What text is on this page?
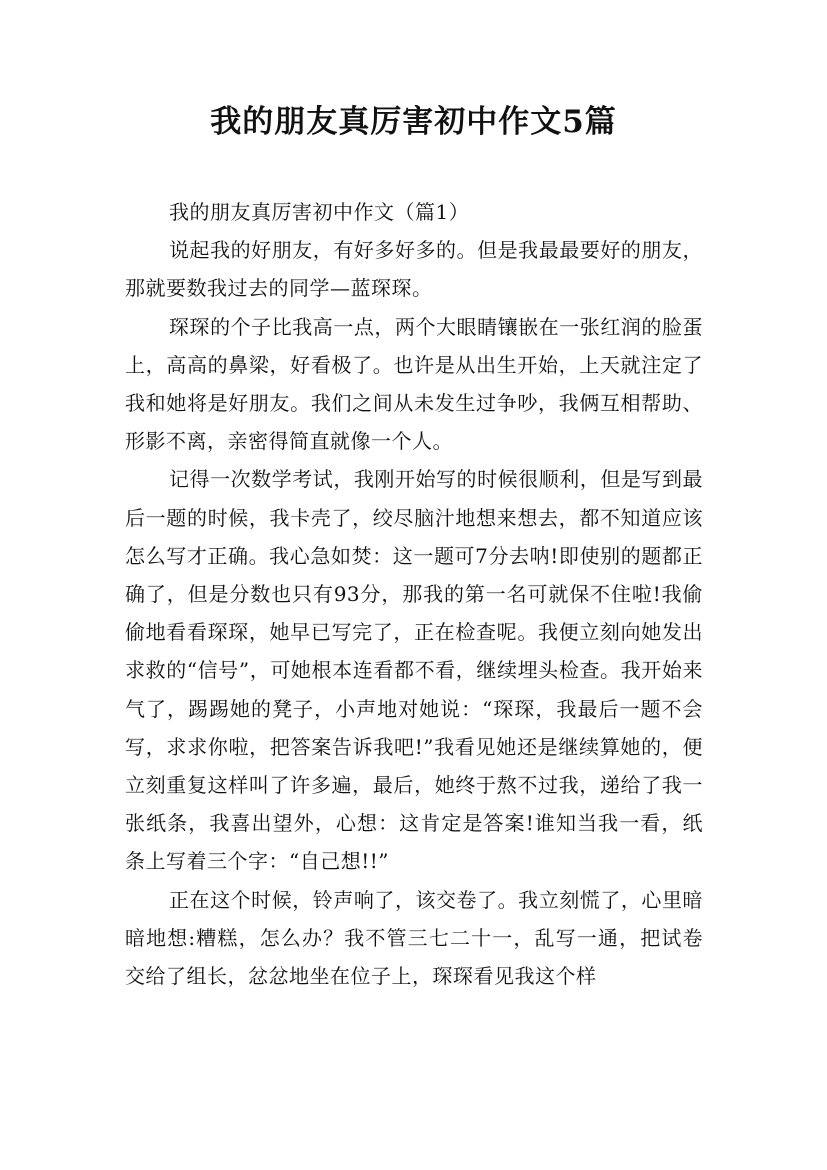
我的朋友真厉害初中作文5篇

我的朋友真厉害初中作文（篇1）

说起我的好朋友，有好多好多的。但是我最最要好的朋友，那就要数我过去的同学—蓝琛琛。

琛琛的个子比我高一点，两个大眼睛镶嵌在一张红润的脸蛋上，高高的鼻梁，好看极了。也许是从出生开始，上天就注定了我和她将是好朋友。我们之间从未发生过争吵，我俩互相帮助、形影不离，亲密得简直就像一个人。

记得一次数学考试，我刚开始写的时候很顺利，但是写到最后一题的时候，我卡壳了，绞尽脑汁地想来想去，都不知道应该怎么写才正确。我心急如焚：这一题可7分去呐!即使别的题都正确了，但是分数也只有93分，那我的第一名可就保不住啦!我偷偷地看看琛琛，她早已写完了，正在检查呢。我便立刻向她发出求救的“信号”，可她根本连看都不看，继续埋头检查。我开始来气了，踢踢她的凳子，小声地对她说：“琛琛，我最后一题不会写，求求你啦，把答案告诉我吧!”我看见她还是继续算她的，便立刻重复这样叫了许多遍，最后，她终于熬不过我，递给了我一张纸条，我喜出望外，心想：这肯定是答案!谁知当我一看，纸条上写着三个字：“自己想!!”

正在这个时候，铃声响了，该交卷了。我立刻慌了，心里暗暗地想:糟糕，怎么办？我不管三七二十一，乱写一通，把试卷交给了组长，忿忿地坐在位子上，琛琛看见我这个样
